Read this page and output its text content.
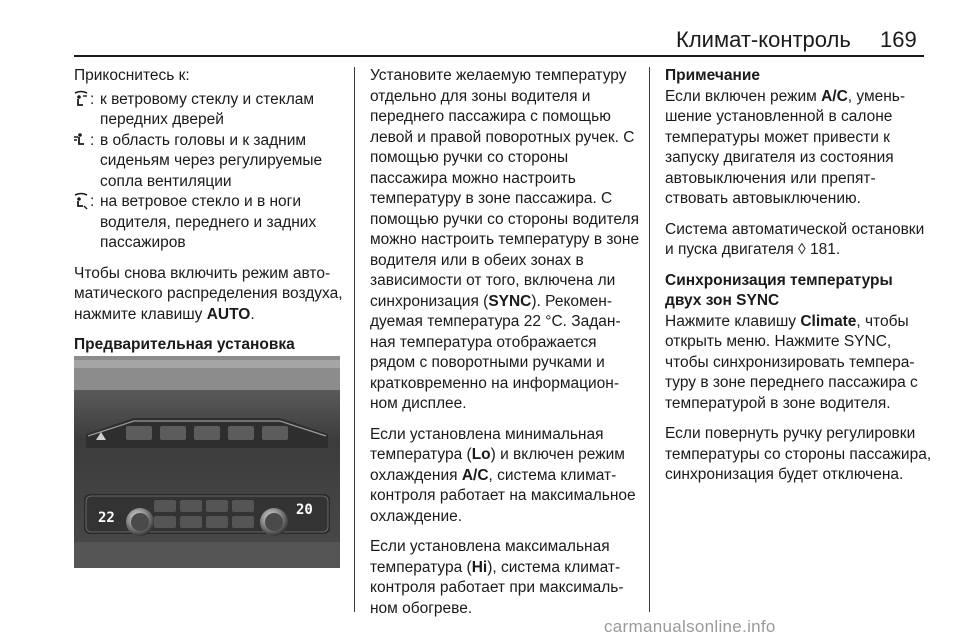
Климат-контроль 169

Прикоснитесь к:

: к ветровому стеклу и стеклам передних дверей
: в область головы и к задним сиденьям через регулируемые сопла вентиляции
: на ветровое стекло и в ноги водителя, переднего и задних пассажиров

Чтобы снова включить режим автоматического распределения воздуха, нажмите клавишу AUTO.

Предварительная установка

22	20

Установите желаемую температуру отдельно для зоны водителя и переднего пассажира с помощью левой и правой поворотных ручек. С помощью ручки со стороны пассажира можно настроить температуру в зоне пассажира. С помощью ручки со стороны водителя можно настроить температуру в зоне водителя или в обеих зонах в зависимости от того, включена ли синхронизация (SYNC). Рекомендуемая температура 22 °C. Заданная температура отображается рядом с поворотными ручками и кратковременно на информационном дисплее.

Если установлена минимальная температура (Lo) и включен режим охлаждения A/C, система климат-контроля работает на максимальное охлаждение.

Если установлена максимальная температура (Hi), система климат-контроля работает при максимальном обогреве.

Примечание

Если включен режим A/C, уменьшение установленной в салоне температуры может привести к запуску двигателя из состояния автовыключения или препятствовать автовыключению.

Система автоматической остановки и пуска двигателя ◊ 181.

Синхронизация температуры двух зон SYNC

Нажмите клавишу Climate, чтобы открыть меню. Нажмите SYNC, чтобы синхронизировать температуру в зоне переднего пассажира с температурой в зоне водителя.

Если повернуть ручку регулировки температуры со стороны пассажира, синхронизация будет отключена.

carmanualsonline.info
